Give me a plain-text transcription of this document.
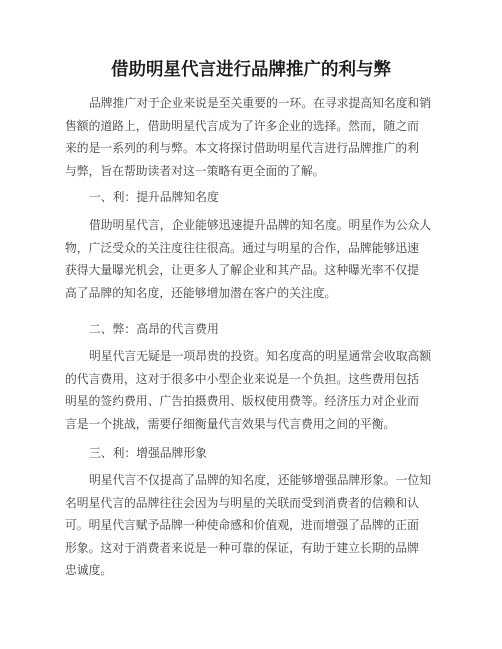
借助明星代言进行品牌推广的利与弊
品牌推广对于企业来说是至关重要的一环。在寻求提高知名度和销
售额的道路上，借助明星代言成为了许多企业的选择。然而，随之而
来的是一系列的利与弊。本文将探讨借助明星代言进行品牌推广的利
与弊，旨在帮助读者对这一策略有更全面的了解。
一、利：提升品牌知名度
借助明星代言，企业能够迅速提升品牌的知名度。明星作为公众人
物，广泛受众的关注度往往很高。通过与明星的合作，品牌能够迅速
获得大量曝光机会，让更多人了解企业和其产品。这种曝光率不仅提
高了品牌的知名度，还能够增加潜在客户的关注度。
二、弊：高昂的代言费用
明星代言无疑是一项昂贵的投资。知名度高的明星通常会收取高额
的代言费用，这对于很多中小型企业来说是一个负担。这些费用包括
明星的签约费用、广告拍摄费用、版权使用费等。经济压力对企业而
言是一个挑战，需要仔细衡量代言效果与代言费用之间的平衡。
三、利：增强品牌形象
明星代言不仅提高了品牌的知名度，还能够增强品牌形象。一位知
名明星代言的品牌往往会因为与明星的关联而受到消费者的信赖和认
可。明星代言赋予品牌一种使命感和价值观，进而增强了品牌的正面
形象。这对于消费者来说是一种可靠的保证，有助于建立长期的品牌
忠诚度。
